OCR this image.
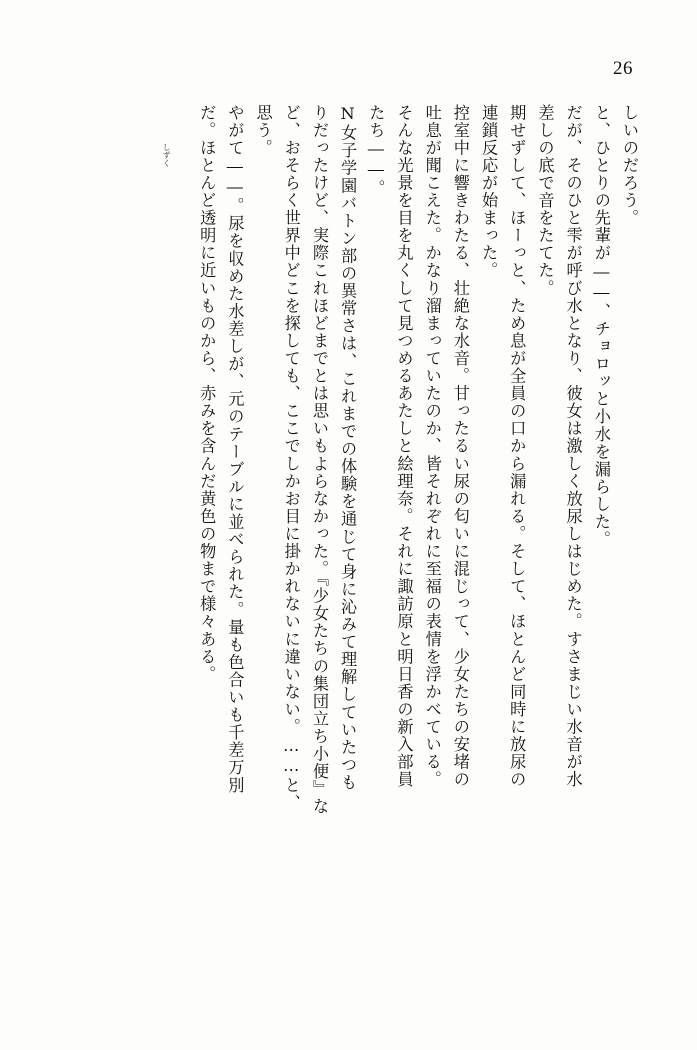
26
しいのだろう。
と、ひとりの先輩が――、チョロッと小水を漏らした。
だが、そのひと雫が呼び水となり、彼女は激しく放尿しはじめた。すさまじい水音が水
差しの底で音をたてた。
期せずして、ほーっと、ため息が全員の口から漏れる。そして、ほとんど同時に放尿の
連鎖反応が始まった。
控室中に響きわたる、壮絶な水音。甘ったるい尿の匂いに混じって、少女たちの安堵の
吐息が聞こえた。かなり溜まっていたのか、皆それぞれに至福の表情を浮かべている。
そんな光景を目を丸くして見つめるあたしと絵理奈。それに諏訪原と明日香の新入部員
たち――。
N女子学園バトン部の異常さは、これまでの体験を通じて身に沁みて理解していたつも
りだったけど、実際これほどまでとは思いもよらなかった。『少女たちの集団立ち小便』な
ど、おそらく世界中どこを探しても、ここでしかお目に掛かれないに違いない。……と、
思う。
やがて――。尿を収めた水差しが、元のテーブルに並べられた。量も色合いも千差万別
だ。ほとんど透明に近いものから、赤みを含んだ黄色の物まで様々ある。
しずく
